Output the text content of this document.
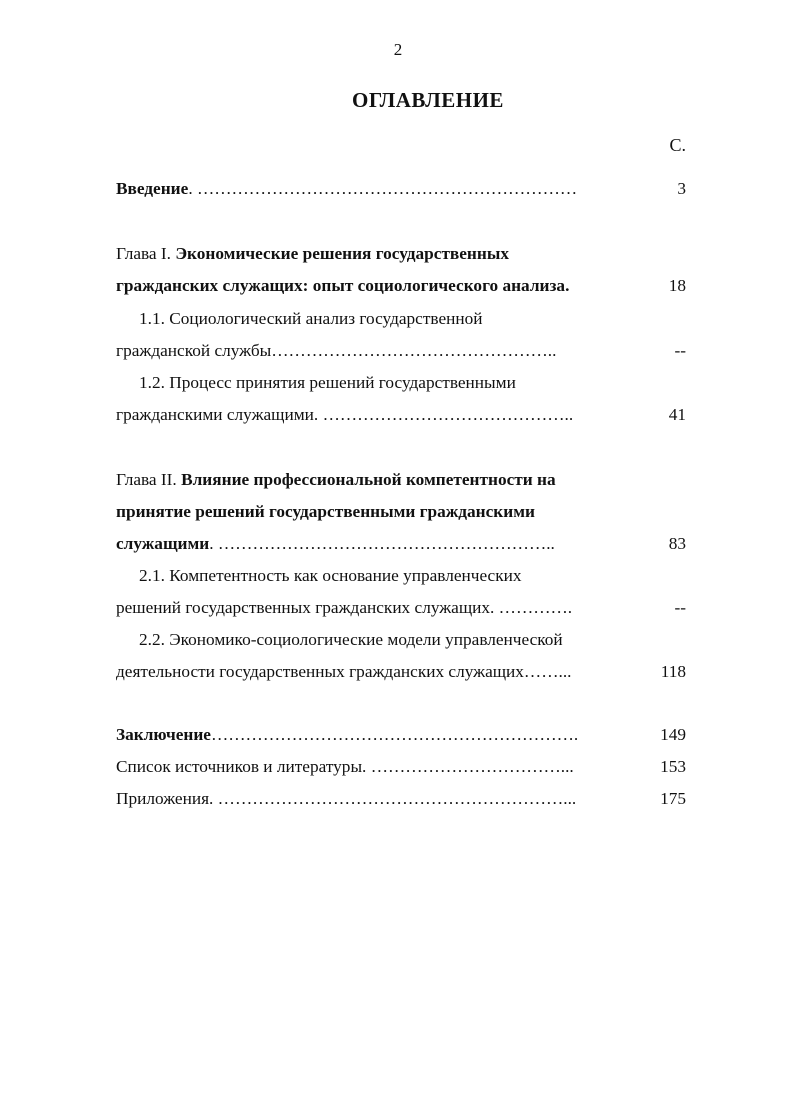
2
ОГЛАВЛЕНИЕ
С.
Введение. …………………………………………………………	3
Глава I. Экономические решения государственных
гражданских служащих: опыт социологического анализа.	18
1.1. Социологический анализ государственной
гражданской службы…………………………………………..	--
1.2. Процесс принятия решений государственными
гражданскими служащими. ……………………………………..	41
Глава II. Влияние профессиональной компетентности на
принятие решений государственными гражданскими
служащими. …………………………………………………..	83
2.1. Компетентность как основание управленческих
решений государственных гражданских служащих. ………….	--
2.2. Экономико-социологические модели управленческой
деятельности государственных гражданских служащих……...	118
Заключение……………………………………………………….	149
Список источников и литературы. ……………………………...	153
Приложения. ……………………………………………………...	175
